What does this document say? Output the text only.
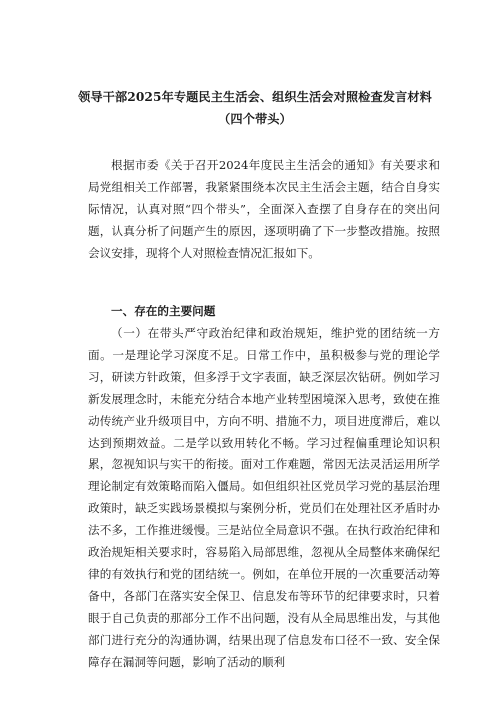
领导干部2025年专题民主生活会、组织生活会对照检查发言材料（四个带头）

根据市委《关于召开2024年度民主生活会的通知》有关要求和局党组相关工作部署，我紧紧围绕本次民主生活会主题，结合自身实际情况，认真对照“四个带头”，全面深入查摆了自身存在的突出问题，认真分析了问题产生的原因，逐项明确了下一步整改措施。按照会议安排，现将个人对照检查情况汇报如下。

一、存在的主要问题

（一）在带头严守政治纪律和政治规矩，维护党的团结统一方面。一是理论学习深度不足。日常工作中，虽积极参与党的理论学习，研读方针政策，但多浮于文字表面，缺乏深层次钻研。例如学习新发展理念时，未能充分结合本地产业转型困境深入思考，致使在推动传统产业升级项目中，方向不明、措施不力，项目进度滞后，难以达到预期效益。二是学以致用转化不畅。学习过程偏重理论知识积累，忽视知识与实干的衔接。面对工作难题，常因无法灵活运用所学理论制定有效策略而陷入僵局。如但组织社区党员学习党的基层治理政策时，缺乏实践场景模拟与案例分析，党员们在处理社区矛盾时办法不多，工作推进缓慢。三是站位全局意识不强。在执行政治纪律和政治规矩相关要求时，容易陷入局部思维，忽视从全局整体来确保纪律的有效执行和党的团结统一。例如，在单位开展的一次重要活动筹备中，各部门在落实安全保卫、信息发布等环节的纪律要求时，只着眼于自己负责的那部分工作不出问题，没有从全局思维出发，与其他部门进行充分的沟通协调，结果出现了信息发布口径不一致、安全保障存在漏洞等问题，影响了活动的顺利
